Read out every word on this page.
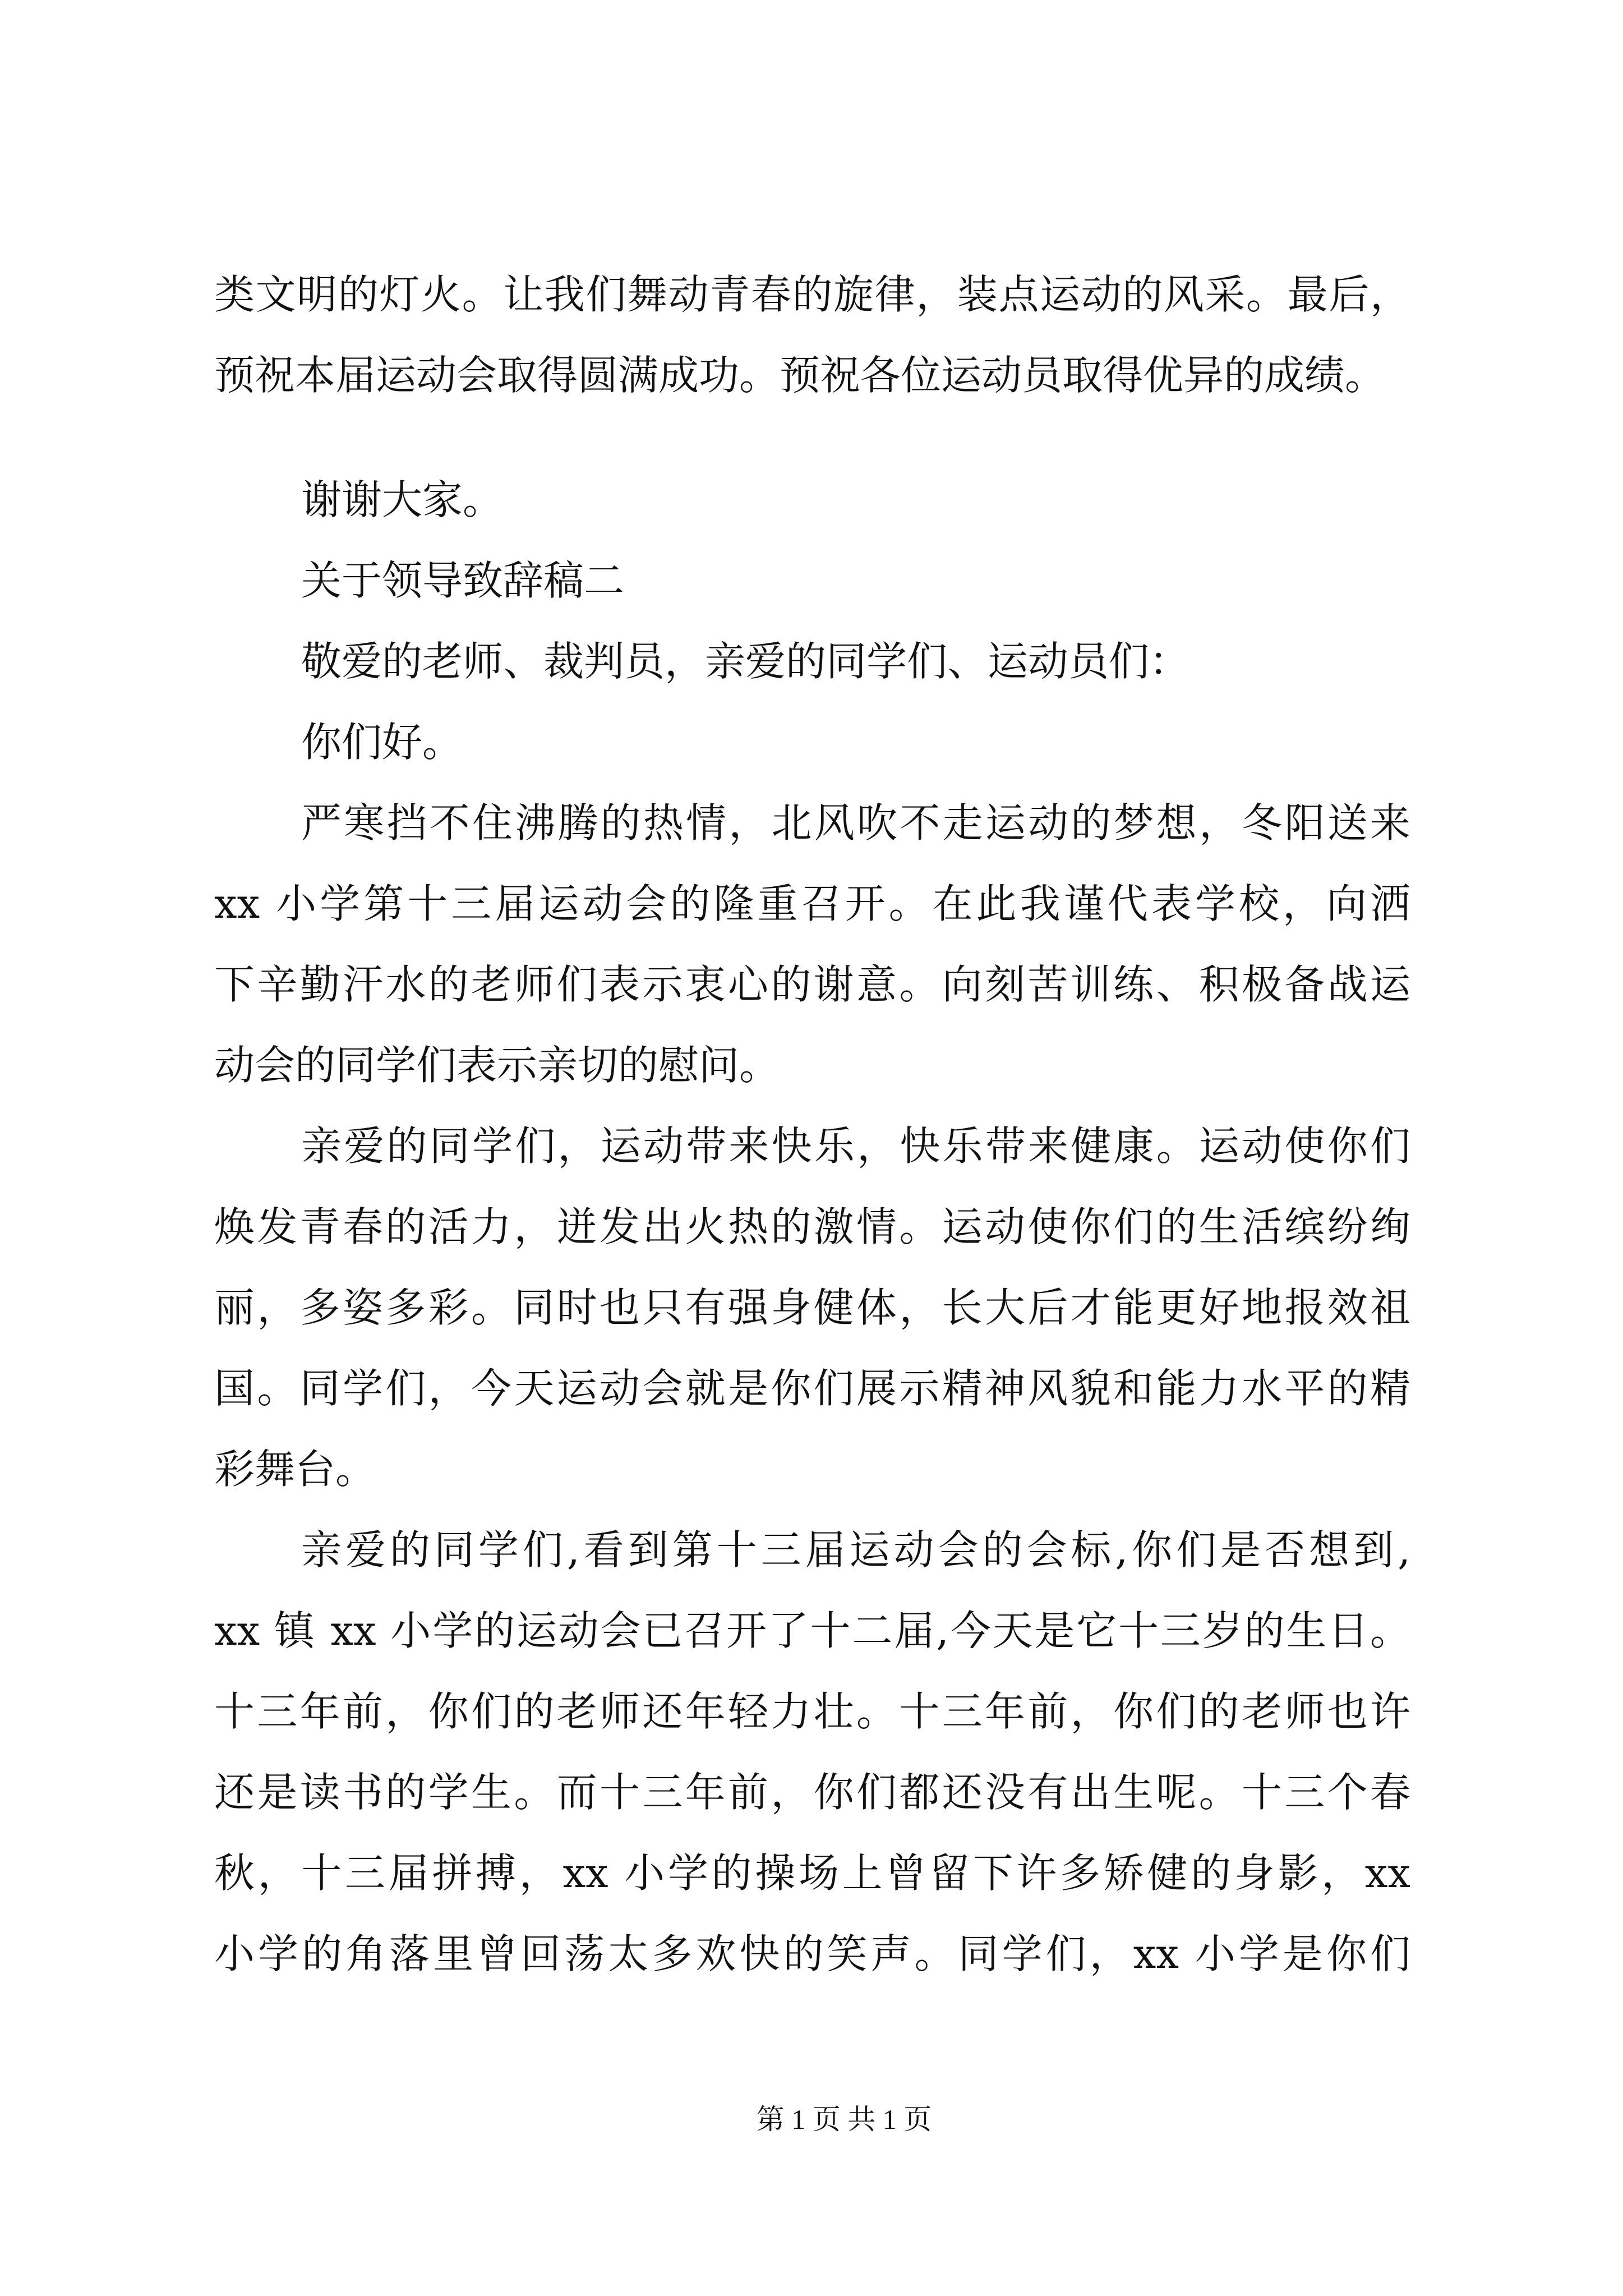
类文明的灯火。让我们舞动青春的旋律，装点运动的风采。最后，
预祝本届运动会取得圆满成功。预祝各位运动员取得优异的成绩。
谢谢大家。
关于领导致辞稿二
敬爱的老师、裁判员，亲爱的同学们、运动员们：
你们好。
严寒挡不住沸腾的热情，北风吹不走运动的梦想，冬阳送来
xx 小学第十三届运动会的隆重召开。在此我谨代表学校，向洒
下辛勤汗水的老师们表示衷心的谢意。向刻苦训练、积极备战运
动会的同学们表示亲切的慰问。
亲爱的同学们，运动带来快乐，快乐带来健康。运动使你们
焕发青春的活力，迸发出火热的激情。运动使你们的生活缤纷绚
丽，多姿多彩。同时也只有强身健体，长大后才能更好地报效祖
国。同学们，今天运动会就是你们展示精神风貌和能力水平的精
彩舞台。
亲爱的同学们,看到第十三届运动会的会标,你们是否想到,
xx 镇 xx 小学的运动会已召开了十二届,今天是它十三岁的生日。
十三年前，你们的老师还年轻力壮。十三年前，你们的老师也许
还是读书的学生。而十三年前，你们都还没有出生呢。十三个春
秋，十三届拼搏，xx 小学的操场上曾留下许多矫健的身影，xx
小学的角落里曾回荡太多欢快的笑声。同学们，xx 小学是你们
第 1 页 共 1 页
